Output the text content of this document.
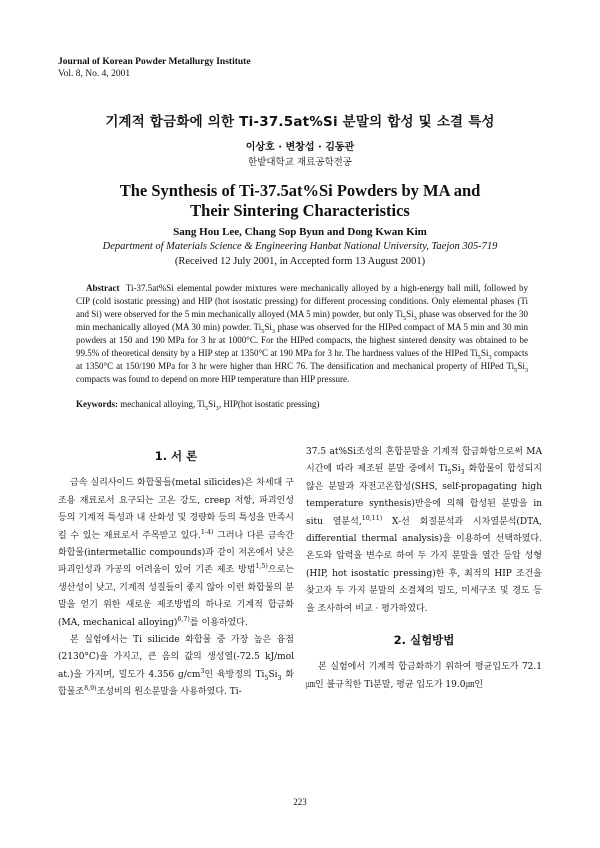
Journal of Korean Powder Metallurgy Institute
Vol. 8, No. 4, 2001
기계적 합금화에 의한 Ti-37.5at%Si 분말의 합성 및 소결 특성
이상호 · 변창섭 · 김동관
한밭대학교 재료공학전공
The Synthesis of Ti-37.5at%Si Powders by MA and
Their Sintering Characteristics
Sang Hou Lee, Chang Sop Byun and Dong Kwan Kim
Department of Materials Science & Engineering Hanbat National University, Taejon 305-719
(Received 12 July 2001, in Accepted form 13 August 2001)
Abstract Ti-37.5at%Si elemental powder mixtures were mechanically alloyed by a high-energy ball mill, followed by CIP (cold isostatic pressing) and HIP (hot isostatic pressing) for different processing conditions. Only elemental phases (Ti and Si) were observed for the 5 min mechanically alloyed (MA 5 min) powder, but only $Ti_5Si_3$ phase was observed for the 30 min mechanically alloyed (MA 30 min) powder. $Ti_5Si_3$ phase was observed for the HIPed compact of MA 5 min and 30 min powders at 150 and 190 MPa for 3 hr at 1000°C. For the HIPed compacts, the highest sintered density was obtained to be 99.5% of theoretical density by a HIP step at 1350°C at 190 MPa for 3 hr. The hardness values of the HIPed $Ti_5Si_3$ compacts at 1350°C at 150/190 MPa for 3 hr were higher than HRC 76. The densification and mechanical property of HIPed $Ti_5Si_3$ compacts was found to depend on more HIP temperature than HIP pressure.
Keywords: mechanical alloying, $Ti_5Si_3$, HIP(hot isostatic pressing)
1. 서 론

금속 실리사이드 화합물들(metal silicides)은 차세대 구조용 재료로서 요구되는 고온 강도, creep 저항, 파괴인성 등의 기계적 특성과 내 산화성 및 경량화 등의 특성을 만족시킬 수 있는 재료로서 주목받고 있다.$^{1-4)}$ 그러나 다른 금속간 화합물(intermetallic compounds)과 같이 저온에서 낮은 파괴인성과 가공의 어려움이 있어 기존 제조 방법$^{1,5)}$으로는 생산성이 낮고, 기계적 성질들이 좋지 않아 이런 화합물의 분말을 얻기 위한 새로운 제조방법의 하나로 기계적 합금화(MA, mechanical alloying)$^{6,7)}$를 이용하였다.

본 실험에서는 Ti silicide 화합물 중 가장 높은 융점(2130°C)을 가지고, 큰 음의 값의 생성열(-72.5 kJ/mol at.)을 가지며, 밀도가 4.356 $g/cm^3$인 육방정의 $Ti_5Si_3$ 화합물조$^{8,9)}$조성비의 원소분말을 사용하였다. Ti-

37.5 at%Si조성의 혼합분말을 기계적 합금화함으로써 MA 시간에 따라 제조된 분말 중에서 $Ti_5Si_3$ 화합물이 합성되지 않은 분말과 자전고온합성(SHS, self-propagating high temperature synthesis)반응에 의해 합성된 분말을 in situ 열분석,$^{10,11)}$ X-선 회절분석과 시차열분석(DTA, differential thermal analysis)을 이용하여 선택하였다. 온도와 압력을 변수로 하여 두 가지 분말을 열간 등압 성형(HIP, hot isostatic pressing)한 후, 최적의 HIP 조건을 찾고자 두 가지 분말의 소결체의 밀도, 미세구조 및 경도 등을 조사하여 비교 · 평가하였다.

2. 실험방법

본 실험에서 기계적 합금화하기 위하여 평균입도가 72.1 ㎛인 불규칙한 Ti분말, 평균 입도가 19.0㎛인

223
